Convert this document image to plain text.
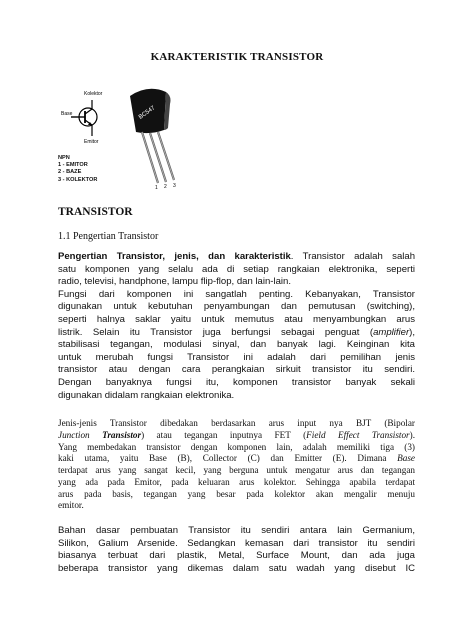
KARAKTERISTIK TRANSISTOR
Kolektor
Base
Emitor
BC547
1 2 3
NPN
1 - EMITOR
2 - BAZE
3 - KOLEKTOR
TRANSISTOR
1.1 Pengertian Transistor
Pengertian Transistor, jenis, dan karakteristik. Transistor adalah salah
satu komponen yang selalu ada di setiap rangkaian elektronika, seperti
radio, televisi, handphone, lampu flip-flop, dan lain-lain.
Fungsi dari komponen ini sangatlah penting. Kebanyakan, Transistor
digunakan untuk kebutuhan penyambungan dan pemutusan (switching),
seperti halnya saklar yaitu untuk memutus atau menyambungkan arus
listrik. Selain itu Transistor juga berfungsi sebagai penguat (amplifier),
stabilisasi tegangan, modulasi sinyal, dan banyak lagi. Keinginan kita
untuk merubah fungsi Transistor ini adalah dari pemilihan jenis
transistor atau dengan cara perangkaian sirkuit transistor itu sendiri.
Dengan banyaknya fungsi itu, komponen transistor banyak sekali
digunakan didalam rangkaian elektronika.
Jenis-jenis Transistor dibedakan berdasarkan arus input nya BJT (Bipolar
Junction Transistor) atau tegangan inputnya FET (Field Effect Transistor).
Yang membedakan transistor dengan komponen lain, adalah memiliki tiga (3)
kaki utama, yaitu Base (B), Collector (C) dan Emitter (E). Dimana Base
terdapat arus yang sangat kecil, yang berguna untuk mengatur arus dan tegangan
yang ada pada Emitor, pada keluaran arus kolektor. Sehingga apabila terdapat
arus pada basis, tegangan yang besar pada kolektor akan mengalir menuju
emitor.
Bahan dasar pembuatan Transistor itu sendiri antara lain Germanium,
Silikon, Galium Arsenide. Sedangkan kemasan dari transistor itu sendiri
biasanya terbuat dari plastik, Metal, Surface Mount, dan ada juga
beberapa transistor yang dikemas dalam satu wadah yang disebut IC
